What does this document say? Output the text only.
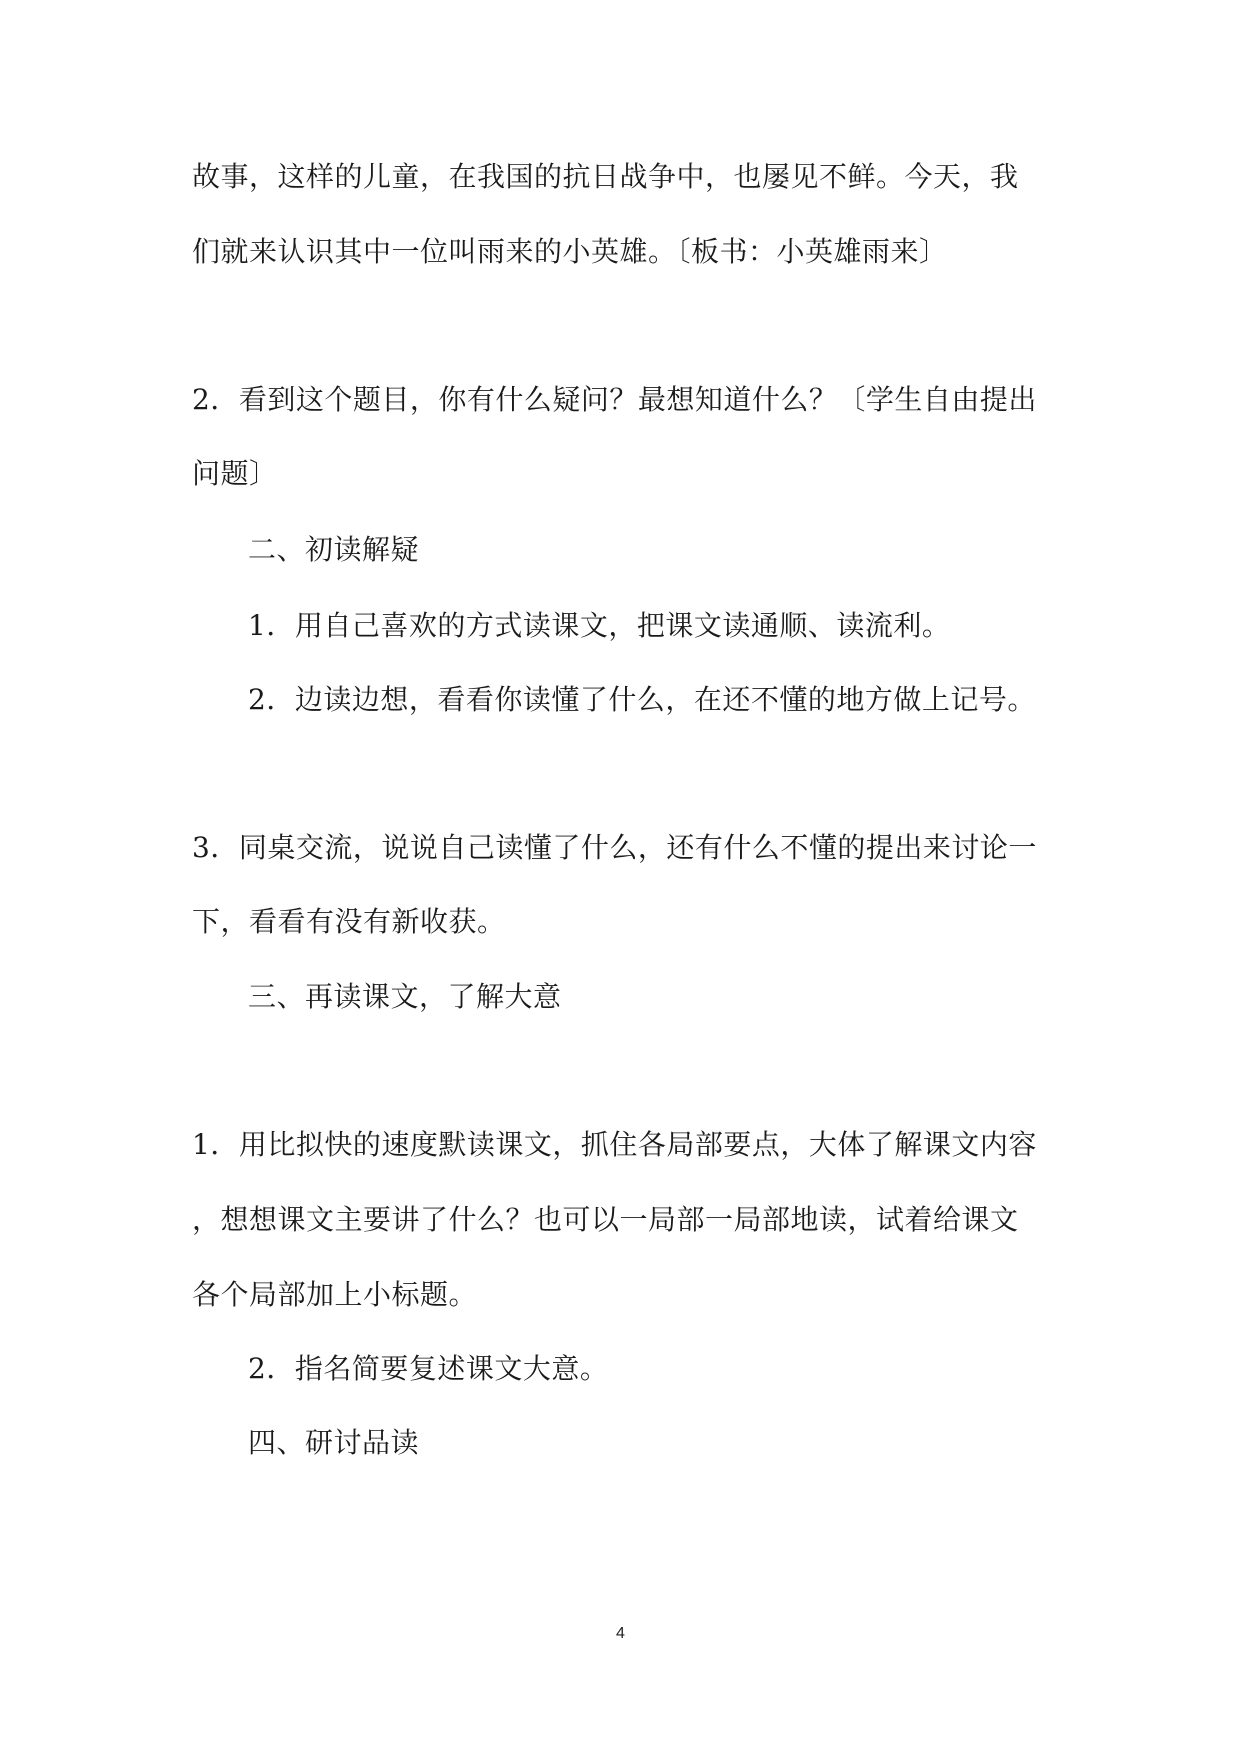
故事，这样的儿童，在我国的抗日战争中，也屡见不鲜。今天，我
们就来认识其中一位叫雨来的小英雄。〔板书：小英雄雨来〕
2．看到这个题目，你有什么疑问？最想知道什么？〔学生自由提出
问题〕
二、初读解疑
1．用自己喜欢的方式读课文，把课文读通顺、读流利。
2．边读边想，看看你读懂了什么，在还不懂的地方做上记号。
3．同桌交流，说说自己读懂了什么，还有什么不懂的提出来讨论一
下，看看有没有新收获。
三、再读课文，了解大意
1．用比拟快的速度默读课文，抓住各局部要点，大体了解课文内容
，想想课文主要讲了什么？也可以一局部一局部地读，试着给课文
各个局部加上小标题。
2．指名简要复述课文大意。
四、研讨品读
4
